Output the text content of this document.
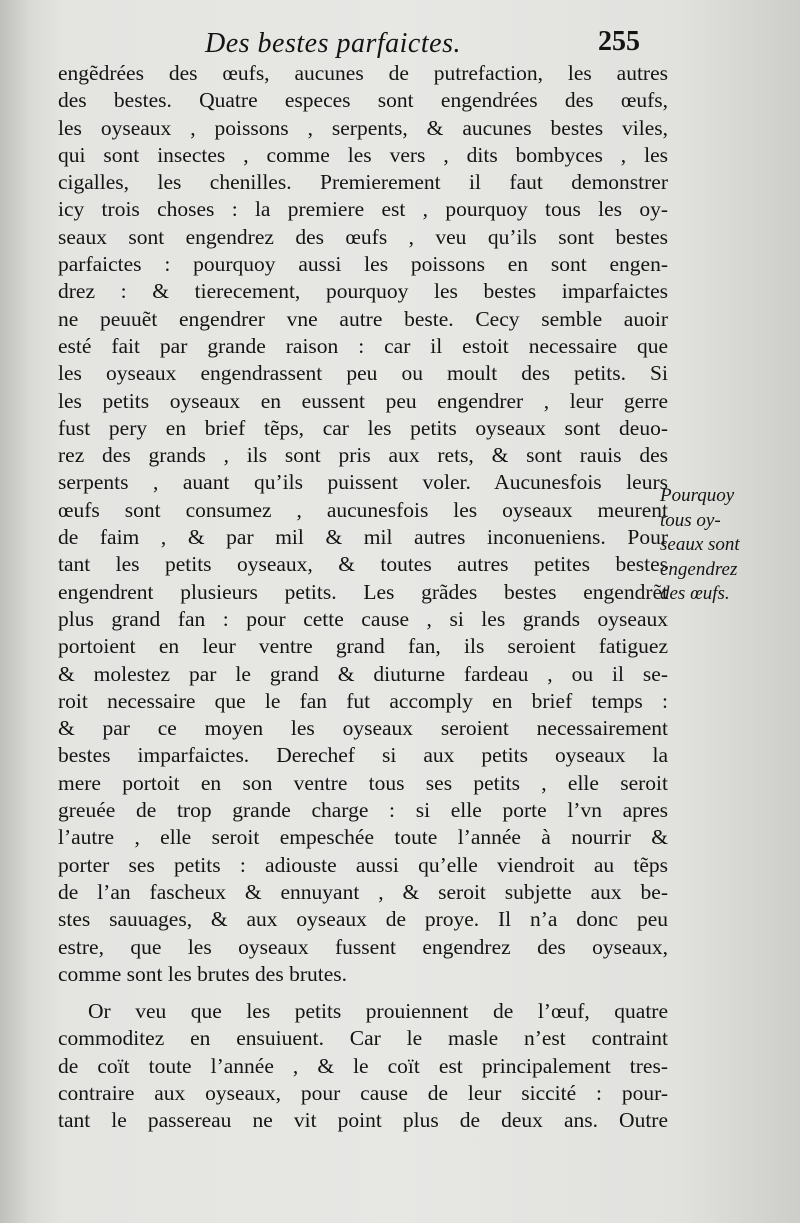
Des bestes parfaictes.	255
engẽdrées des œufs, aucunes de putrefaction, les autres
des bestes. Quatre especes sont engendrées des œufs,
les oyseaux , poissons , serpents, & aucunes bestes viles,
qui sont insectes , comme les vers , dits bombyces , les
cigalles, les chenilles. Premierement il faut demonstrer
icy trois choses : la premiere est , pourquoy tous les oy-
seaux sont engendrez des œufs , veu qu’ils sont bestes
parfaictes : pourquoy aussi les poissons en sont engen-
drez : & tierecement, pourquoy les bestes imparfaictes
ne peuuẽt engendrer vne autre beste. Cecy semble auoir
esté fait par grande raison : car il estoit necessaire que
les oyseaux engendrassent peu ou moult des petits. Si
les petits oyseaux en eussent peu engendrer , leur gerre
fust pery en brief tẽps, car les petits oyseaux sont deuo-
rez des grands , ils sont pris aux rets, & sont rauis des
serpents , auant qu’ils puissent voler. Aucunesfois leurs
œufs sont consumez , aucunesfois les oyseaux meurent
de faim , & par mil & mil autres inconueniens. Pour
tant les petits oyseaux, & toutes autres petites bestes
engendrent plusieurs petits. Les grãdes bestes engendrẽt
plus grand fan : pour cette cause , si les grands oyseaux
portoient en leur ventre grand fan, ils seroient fatiguez
& molestez par le grand & diuturne fardeau , ou il se-
roit necessaire que le fan fut accomply en brief temps :
& par ce moyen les oyseaux seroient necessairement
bestes imparfaictes. Derechef si aux petits oyseaux la
mere portoit en son ventre tous ses petits , elle seroit
greuée de trop grande charge : si elle porte l’vn apres
l’autre , elle seroit empeschée toute l’année à nourrir &
porter ses petits : adiouste aussi qu’elle viendroit au tẽps
de l’an fascheux & ennuyant , & seroit subjette aux be-
stes sauuages, & aux oyseaux de proye. Il n’a donc peu
estre, que les oyseaux fussent engendrez des oyseaux,
comme sont les brutes des brutes.
Or veu que les petits prouiennent de l’œuf, quatre
commoditez en ensuiuent. Car le masle n’est contraint
de coït toute l’année , & le coït est principalement tres-
contraire aux oyseaux, pour cause de leur siccité : pour-
tant le passereau ne vit point plus de deux ans. Outre
Pourquoy
tous oy-
seaux sont
engendrez
des œufs.
